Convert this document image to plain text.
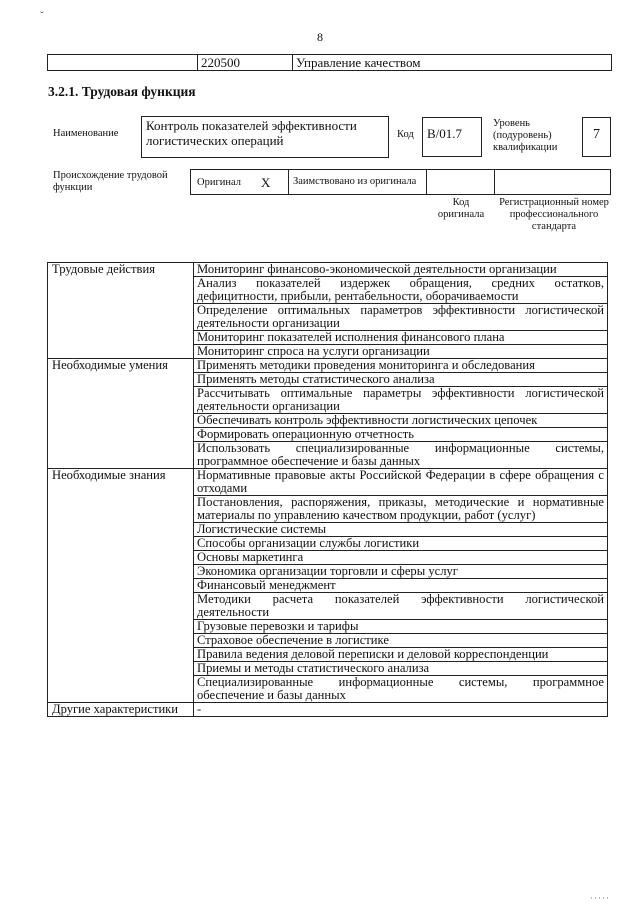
ˇ
8
	220500	Управление качеством
3.2.1. Трудовая функция
Наименование
Контроль показателей эффективности логистических операций	Код	B/01.7
Уровень (подуровень) квалификации
7
Происхождение трудовой функции	Оригинал X	Заимствовано из оригинала
Код оригинала
Регистрационный номер профессионального стандарта
Трудовые действия	Мониторинг финансово-экономической деятельности организации
	Анализ показателей издержек обращения, средних остатков, дефицитности, прибыли, рентабельности, оборачиваемости
	Определение оптимальных параметров эффективности логистической деятельности организации
	Мониторинг показателей исполнения финансового плана
	Мониторинг спроса на услуги организации
Необходимые умения	Применять методики проведения мониторинга и обследования
	Применять методы статистического анализа
	Рассчитывать оптимальные параметры эффективности логистической деятельности организации
	Обеспечивать контроль эффективности логистических цепочек
	Формировать операционную отчетность
	Использовать специализированные информационные системы, программное обеспечение и базы данных
Необходимые знания	Нормативные правовые акты Российской Федерации в сфере обращения с отходами
	Постановления, распоряжения, приказы, методические и нормативные материалы по управлению качеством продукции, работ (услуг)
	Логистические системы
	Способы организации службы логистики
	Основы маркетинга
	Экономика организации торговли и сферы услуг
	Финансовый менеджмент
	Методики расчета показателей эффективности логистической деятельности
	Грузовые перевозки и тарифы
	Страховое обеспечение в логистике
	Правила ведения деловой переписки и деловой корреспонденции
	Приемы и методы статистического анализа
	Специализированные информационные системы, программное обеспечение и базы данных
Другие характеристики	-
·····
